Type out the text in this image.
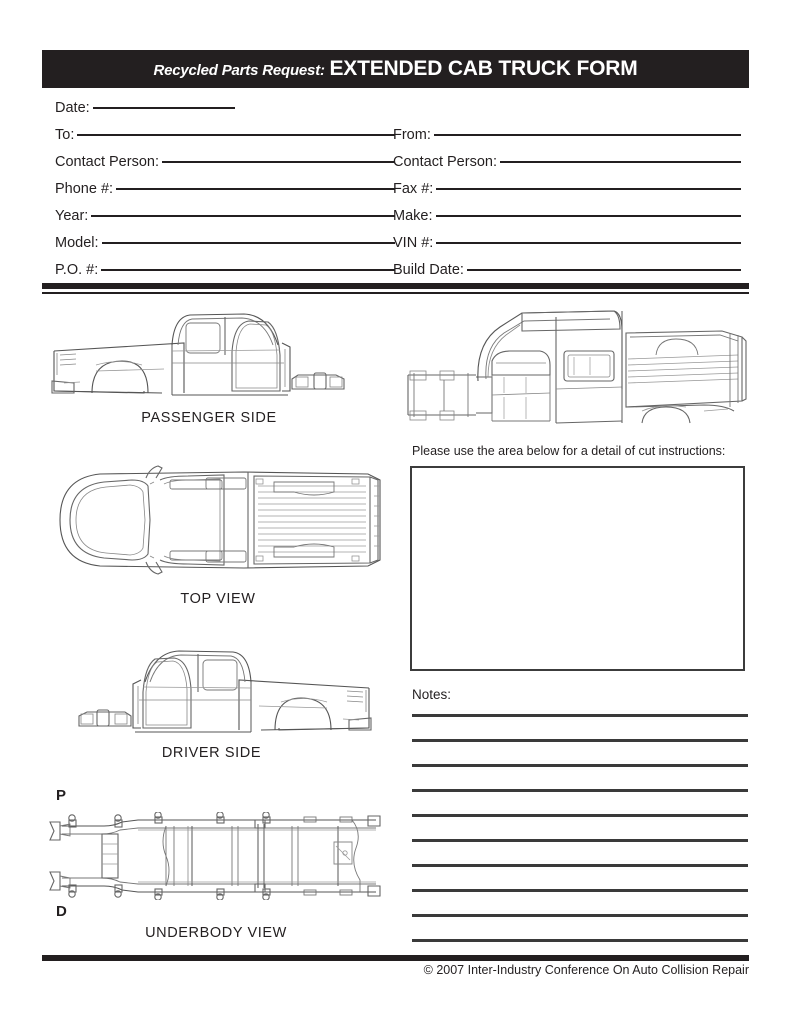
Recycled Parts Request: EXTENDED CAB TRUCK FORM
Date:
To:
Contact Person:
Phone #:
Year:
Model:
P.O. #:
From:
Contact Person:
Fax #:
Make:
VIN #:
Build Date:
PASSENGER SIDE
Please use the area below for a detail of cut instructions:
TOP VIEW
DRIVER SIDE
P
D
UNDERBODY VIEW
Notes:
© 2007 Inter-Industry Conference On Auto Collision Repair
